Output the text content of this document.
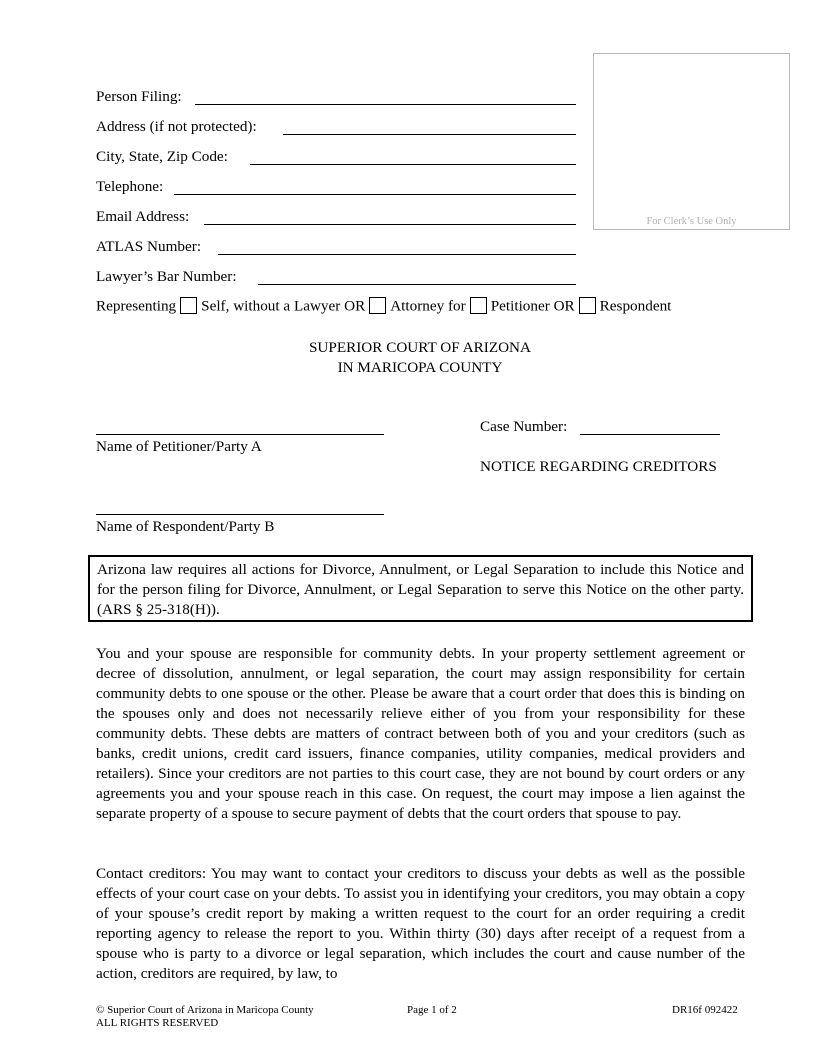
Person Filing:
Address (if not protected):
City, State, Zip Code:
Telephone:
Email Address:
ATLAS Number:
Lawyer’s Bar Number:
For Clerk’s Use Only
Representing Self, without a Lawyer OR Attorney for Petitioner OR Respondent
SUPERIOR COURT OF ARIZONA
IN MARICOPA COUNTY
Name of Petitioner/Party A
Name of Respondent/Party B
Case Number:
NOTICE REGARDING CREDITORS
Arizona law requires all actions for Divorce, Annulment, or Legal Separation to include this Notice and for the person filing for Divorce, Annulment, or Legal Separation to serve this Notice on the other party. (ARS § 25-318(H)).
You and your spouse are responsible for community debts. In your property settlement agreement or decree of dissolution, annulment, or legal separation, the court may assign responsibility for certain community debts to one spouse or the other. Please be aware that a court order that does this is binding on the spouses only and does not necessarily relieve either of you from your responsibility for these community debts. These debts are matters of contract between both of you and your creditors (such as banks, credit unions, credit card issuers, finance companies, utility companies, medical providers and retailers). Since your creditors are not parties to this court case, they are not bound by court orders or any agreements you and your spouse reach in this case. On request, the court may impose a lien against the separate property of a spouse to secure payment of debts that the court orders that spouse to pay.
Contact creditors: You may want to contact your creditors to discuss your debts as well as the possible effects of your court case on your debts. To assist you in identifying your creditors, you may obtain a copy of your spouse’s credit report by making a written request to the court for an order requiring a credit reporting agency to release the report to you. Within thirty (30) days after receipt of a request from a spouse who is party to a divorce or legal separation, which includes the court and cause number of the action, creditors are required, by law, to
© Superior Court of Arizona in Maricopa County
ALL RIGHTS RESERVED
Page 1 of 2	DR16f 092422
